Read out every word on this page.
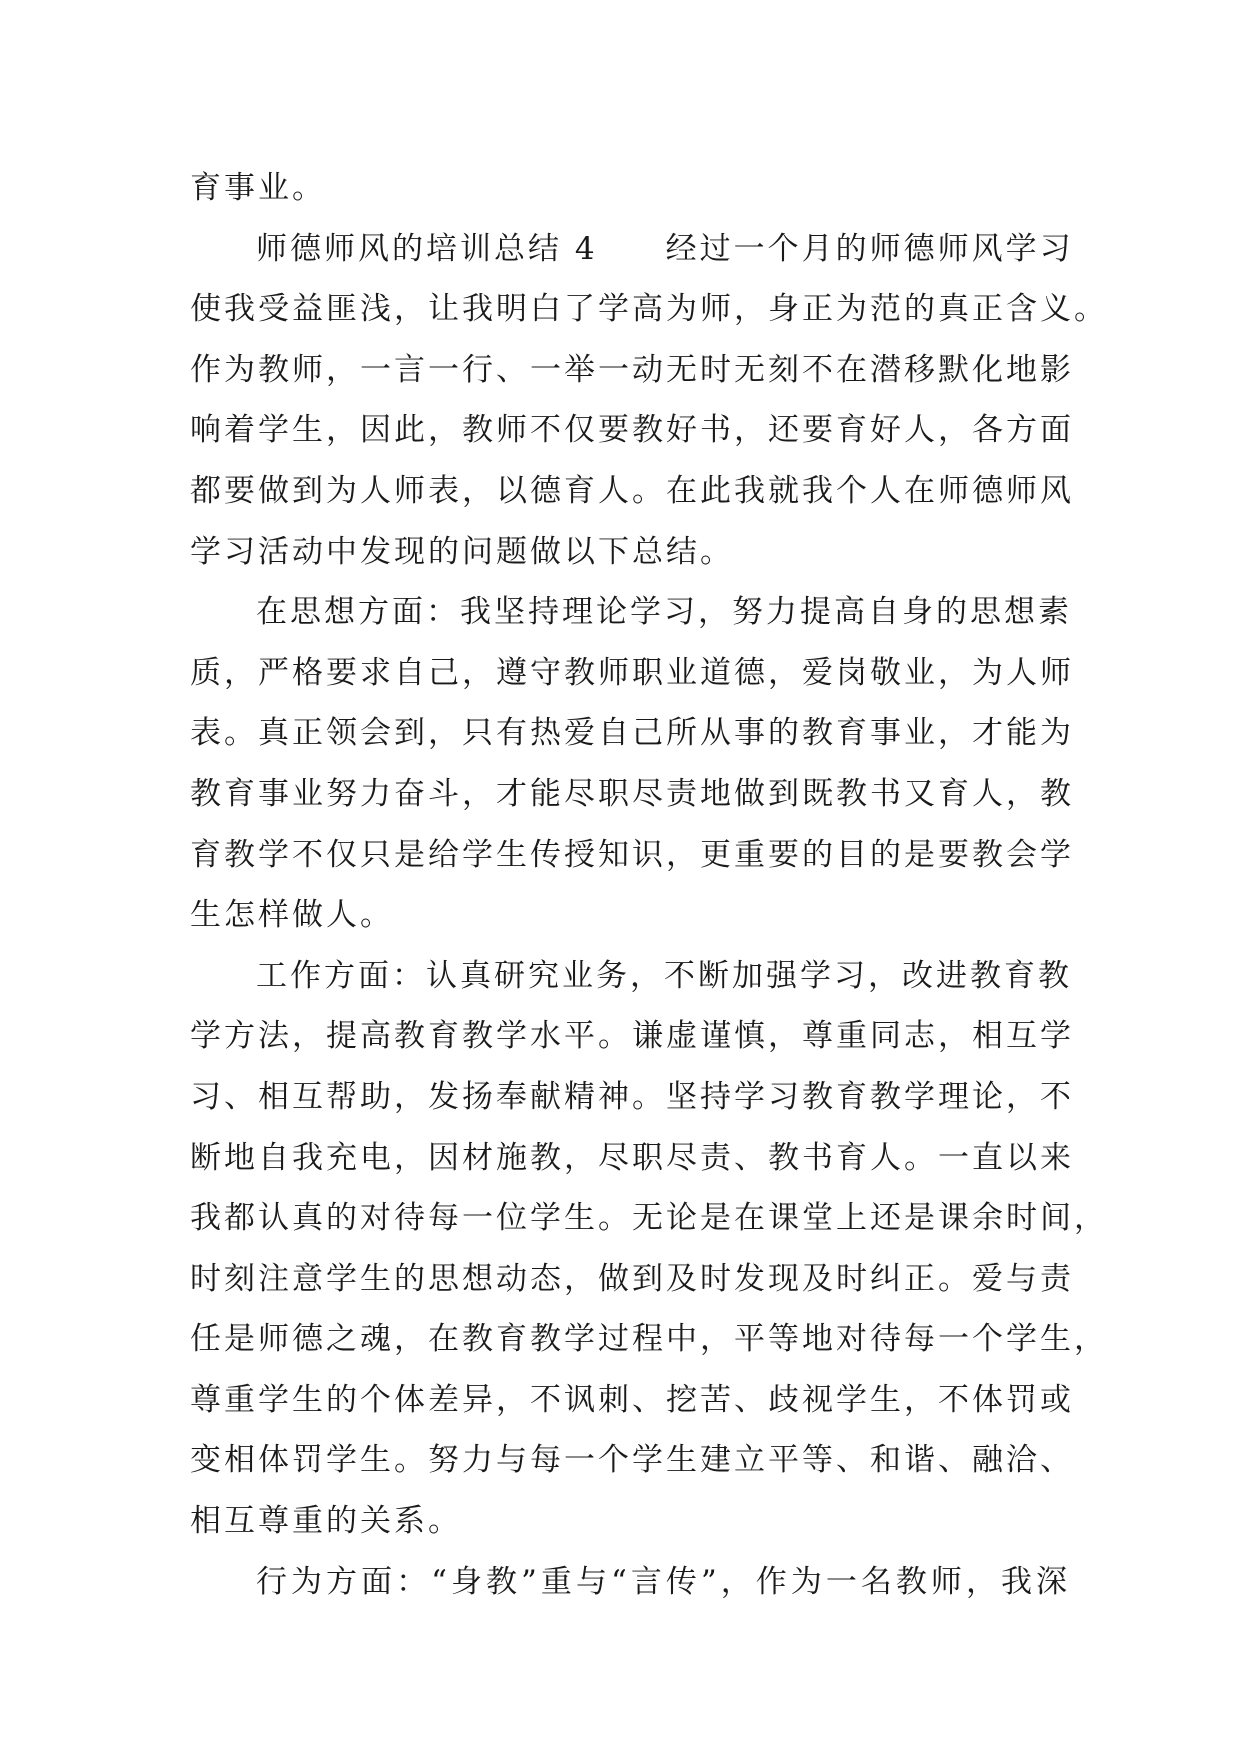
育事业。
师德师风的培训总结 4　　经过一个月的师德师风学习
使我受益匪浅，让我明白了学高为师，身正为范的真正含义。
作为教师，一言一行、一举一动无时无刻不在潜移默化地影
响着学生，因此，教师不仅要教好书，还要育好人，各方面
都要做到为人师表，以德育人。在此我就我个人在师德师风
学习活动中发现的问题做以下总结。
在思想方面：我坚持理论学习，努力提高自身的思想素
质，严格要求自己，遵守教师职业道德，爱岗敬业，为人师
表。真正领会到，只有热爱自己所从事的教育事业，才能为
教育事业努力奋斗，才能尽职尽责地做到既教书又育人，教
育教学不仅只是给学生传授知识，更重要的目的是要教会学
生怎样做人。
工作方面：认真研究业务，不断加强学习，改进教育教
学方法，提高教育教学水平。谦虚谨慎，尊重同志，相互学
习、相互帮助，发扬奉献精神。坚持学习教育教学理论，不
断地自我充电，因材施教，尽职尽责、教书育人。一直以来
我都认真的对待每一位学生。无论是在课堂上还是课余时间，
时刻注意学生的思想动态，做到及时发现及时纠正。爱与责
任是师德之魂，在教育教学过程中，平等地对待每一个学生，
尊重学生的个体差异，不讽刺、挖苦、歧视学生，不体罚或
变相体罚学生。努力与每一个学生建立平等、和谐、融洽、
相互尊重的关系。
行为方面：“身教”重与“言传”，作为一名教师，我深
